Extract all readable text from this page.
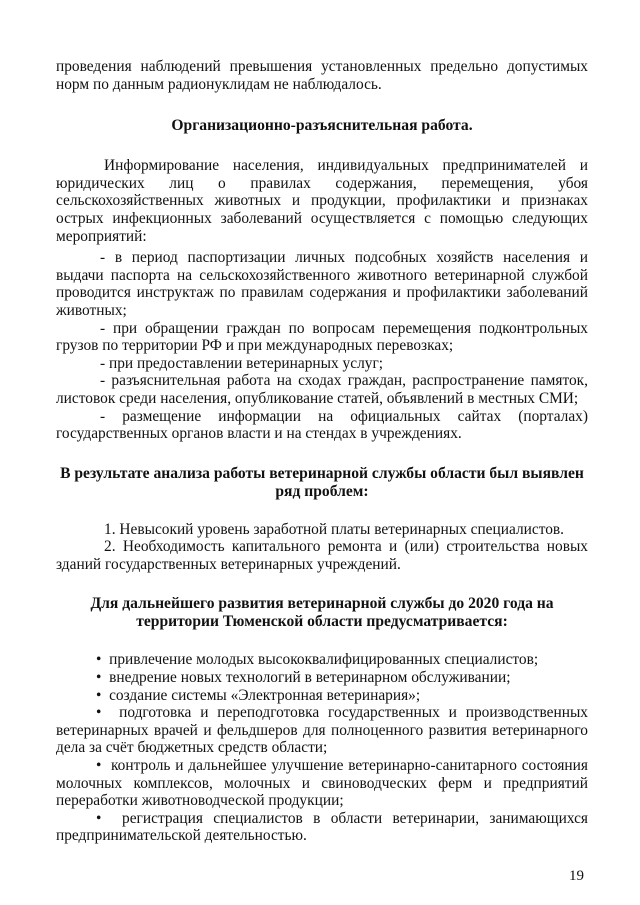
проведения наблюдений превышения установленных предельно допустимых норм по данным радионуклидам не наблюдалось.

Организационно-разъяснительная работа.

Информирование населения, индивидуальных предпринимателей и юридических лиц о правилах содержания, перемещения, убоя сельскохозяйственных животных и продукции, профилактики и признаках острых инфекционных заболеваний осуществляется с помощью следующих мероприятий:

- в период паспортизации личных подсобных хозяйств населения и выдачи паспорта на сельскохозяйственного животного ветеринарной службой проводится инструктаж по правилам содержания и профилактики заболеваний животных;

- при обращении граждан по вопросам перемещения подконтрольных грузов по территории РФ и при международных перевозках;

- при предоставлении ветеринарных услуг;

- разъяснительная работа на сходах граждан, распространение памяток, листовок среди населения, опубликование статей, объявлений в местных СМИ;

- размещение информации на официальных сайтах (порталах) государственных органов власти и на стендах в учреждениях.

В результате анализа работы ветеринарной службы области был выявлен ряд проблем:

1. Невысокий уровень заработной платы ветеринарных специалистов.

2. Необходимость капитального ремонта и (или) строительства новых зданий государственных ветеринарных учреждений.

Для дальнейшего развития ветеринарной службы до 2020 года на территории Тюменской области предусматривается:

•  привлечение молодых высококвалифицированных специалистов;

•  внедрение новых технологий в ветеринарном обслуживании;

•  создание системы «Электронная ветеринария»;

•  подготовка и переподготовка государственных и производственных ветеринарных врачей и фельдшеров для полноценного развития ветеринарного дела за счёт бюджетных средств области;

•  контроль и дальнейшее улучшение ветеринарно-санитарного состояния молочных комплексов, молочных и свиноводческих ферм и предприятий переработки животноводческой продукции;

•  регистрация специалистов в области ветеринарии, занимающихся предпринимательской деятельностью.

19
